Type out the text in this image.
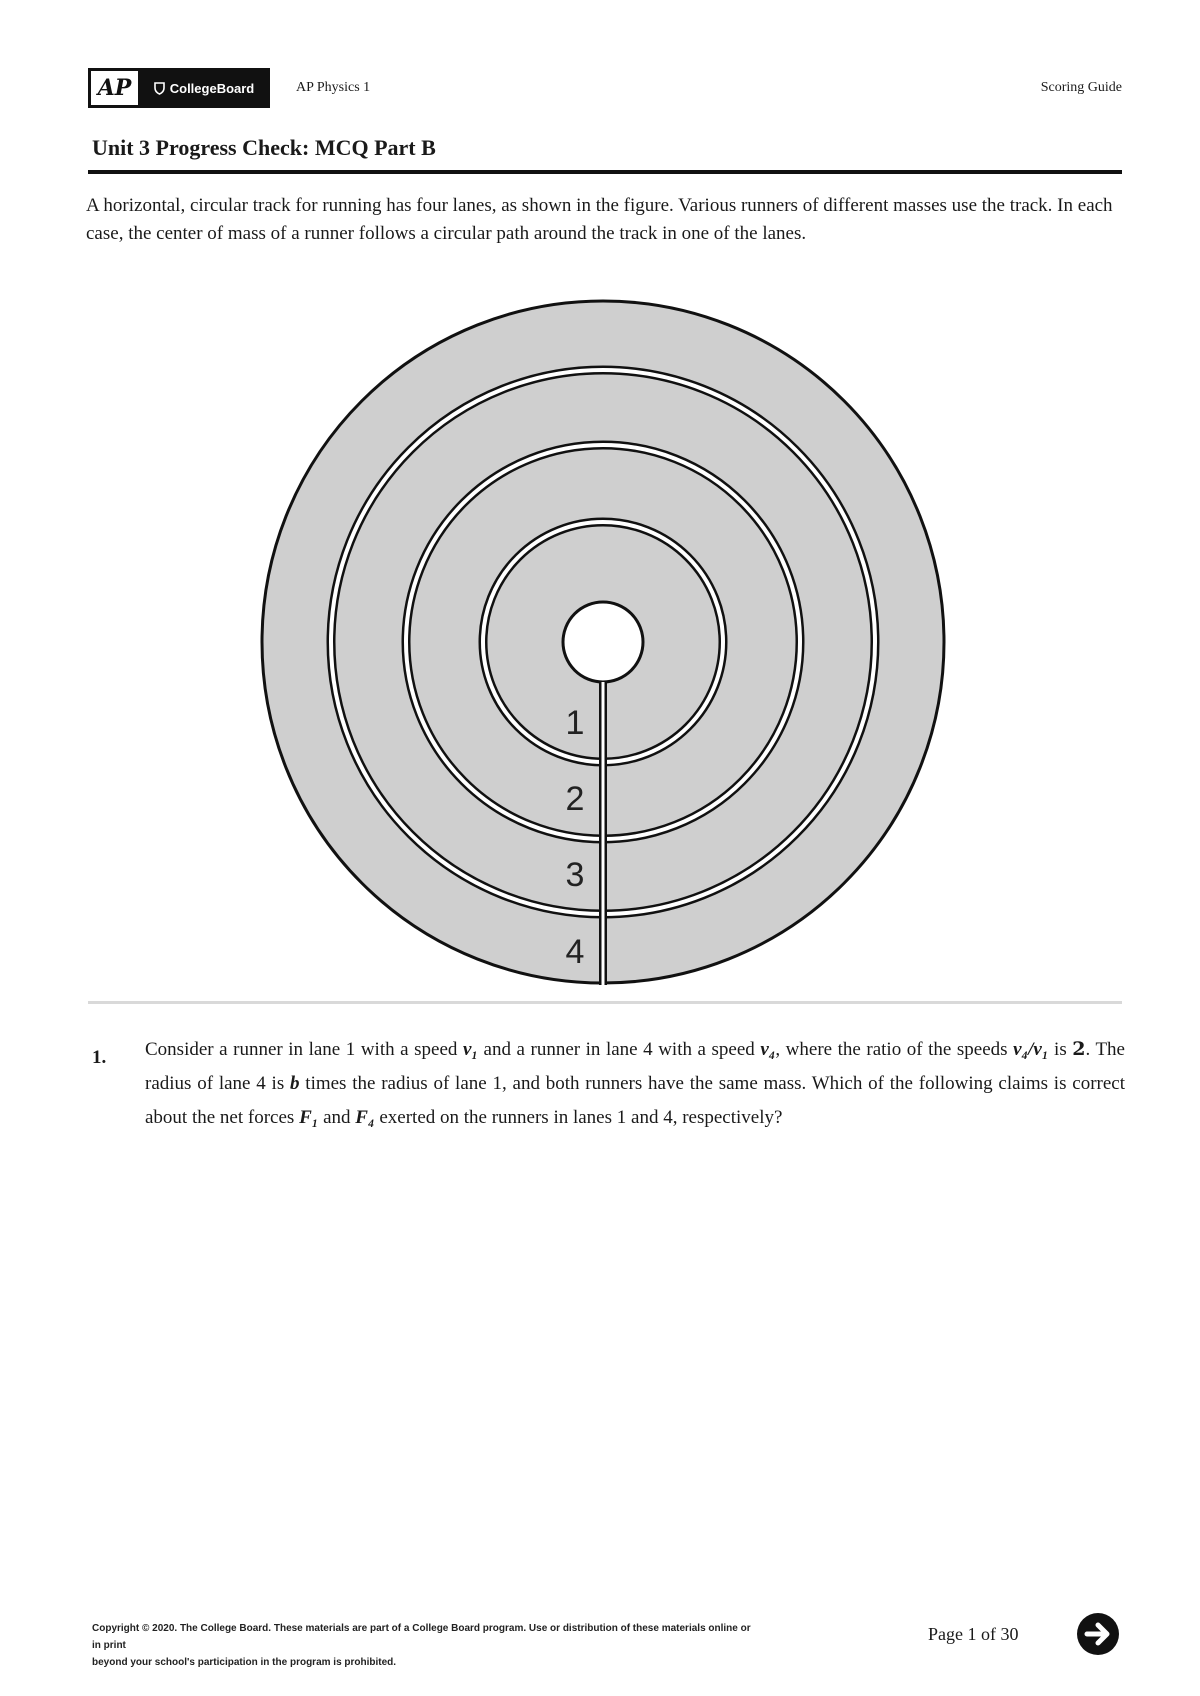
AP	CollegeBoard	AP Physics 1	Scoring Guide
Unit 3 Progress Check: MCQ Part B
A horizontal, circular track for running has four lanes, as shown in the figure. Various runners of different masses use the track. In each case, the center of mass of a runner follows a circular path around the track in one of the lanes.
1
2
3
4
1. Consider a runner in lane 1 with a speed v₁ and a runner in lane 4 with a speed v₄, where the ratio of the speeds v₄/v₁ is 2. The radius of lane 4 is b times the radius of lane 1, and both runners have the same mass. Which of the following claims is correct about the net forces F₁ and F₄ exerted on the runners in lanes 1 and 4, respectively?
Copyright © 2020. The College Board. These materials are part of a College Board program. Use or distribution of these materials online or in print
beyond your school's participation in the program is prohibited.
Page 1 of 30
